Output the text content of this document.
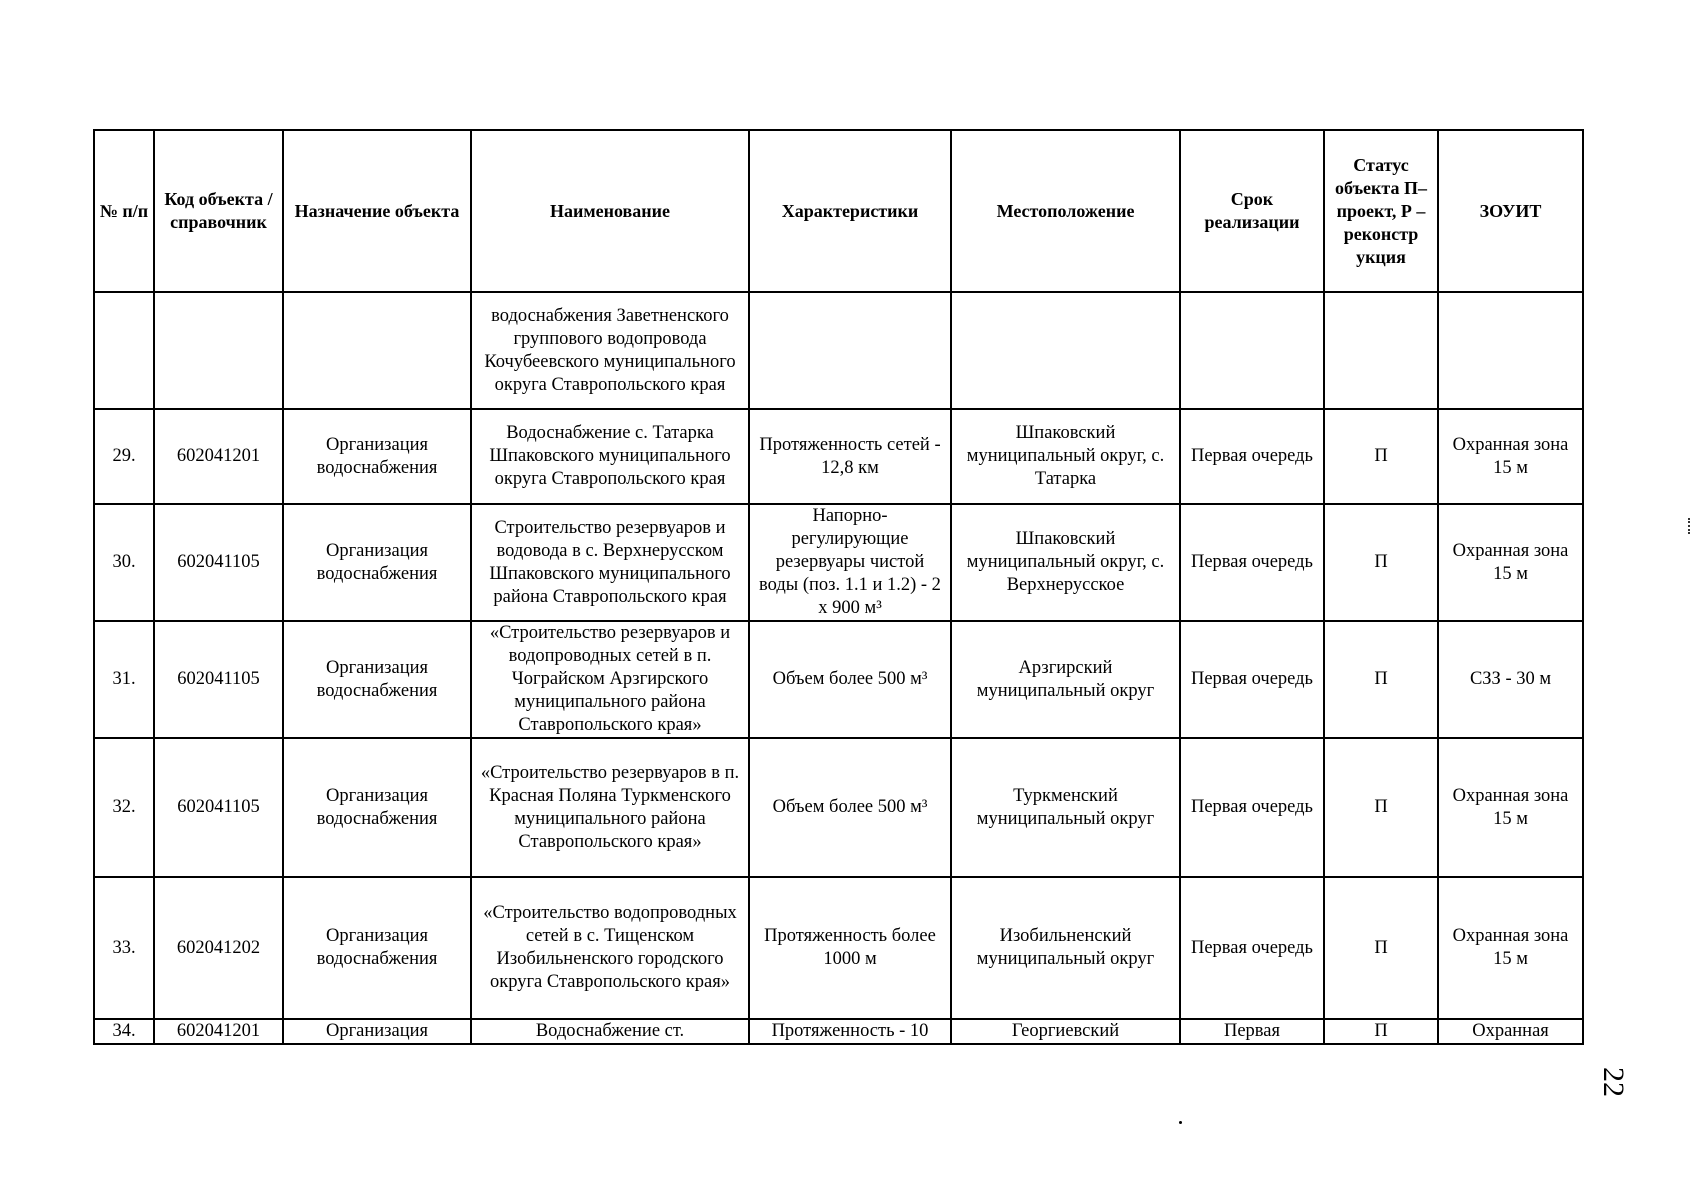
№ п/п	Код объекта / справочник	Назначение объекта	Наименование	Характеристики	Местоположение	Срок реализации	Статус объекта П– проект, Р – реконстр укция	ЗОУИТ
			водоснабжения Заветненского группового водопровода Кочубеевского муниципального округа Ставропольского края					
29.	602041201	Организация водоснабжения	Водоснабжение с. Татарка Шпаковского муниципального округа Ставропольского края	Протяженность сетей - 12,8 км	Шпаковский муниципальный округ, с. Татарка	Первая очередь	П	Охранная зона 15 м
30.	602041105	Организация водоснабжения	Строительство резервуаров и водовода в с. Верхнерусском Шпаковского муниципального района Ставропольского края	Напорно-регулирующие резервуары чистой воды (поз. 1.1 и 1.2) - 2 х 900 м³	Шпаковский муниципальный округ, с. Верхнерусское	Первая очередь	П	Охранная зона 15 м
31.	602041105	Организация водоснабжения	«Строительство резервуаров и водопроводных сетей в п. Чограйском Арзгирского муниципального района Ставропольского края»	Объем более 500 м³	Арзгирский муниципальный округ	Первая очередь	П	СЗЗ - 30 м
32.	602041105	Организация водоснабжения	«Строительство резервуаров в п. Красная Поляна Туркменского муниципального района Ставропольского края»	Объем более 500 м³	Туркменский муниципальный округ	Первая очередь	П	Охранная зона 15 м
33.	602041202	Организация водоснабжения	«Строительство водопроводных сетей в с. Тищенском Изобильненского городского округа Ставропольского края»	Протяженность более 1000 м	Изобильненский муниципальный округ	Первая очередь	П	Охранная зона 15 м
34.	602041201	Организация	Водоснабжение ст.	Протяженность - 10	Георгиевский	Первая	П	Охранная
22
